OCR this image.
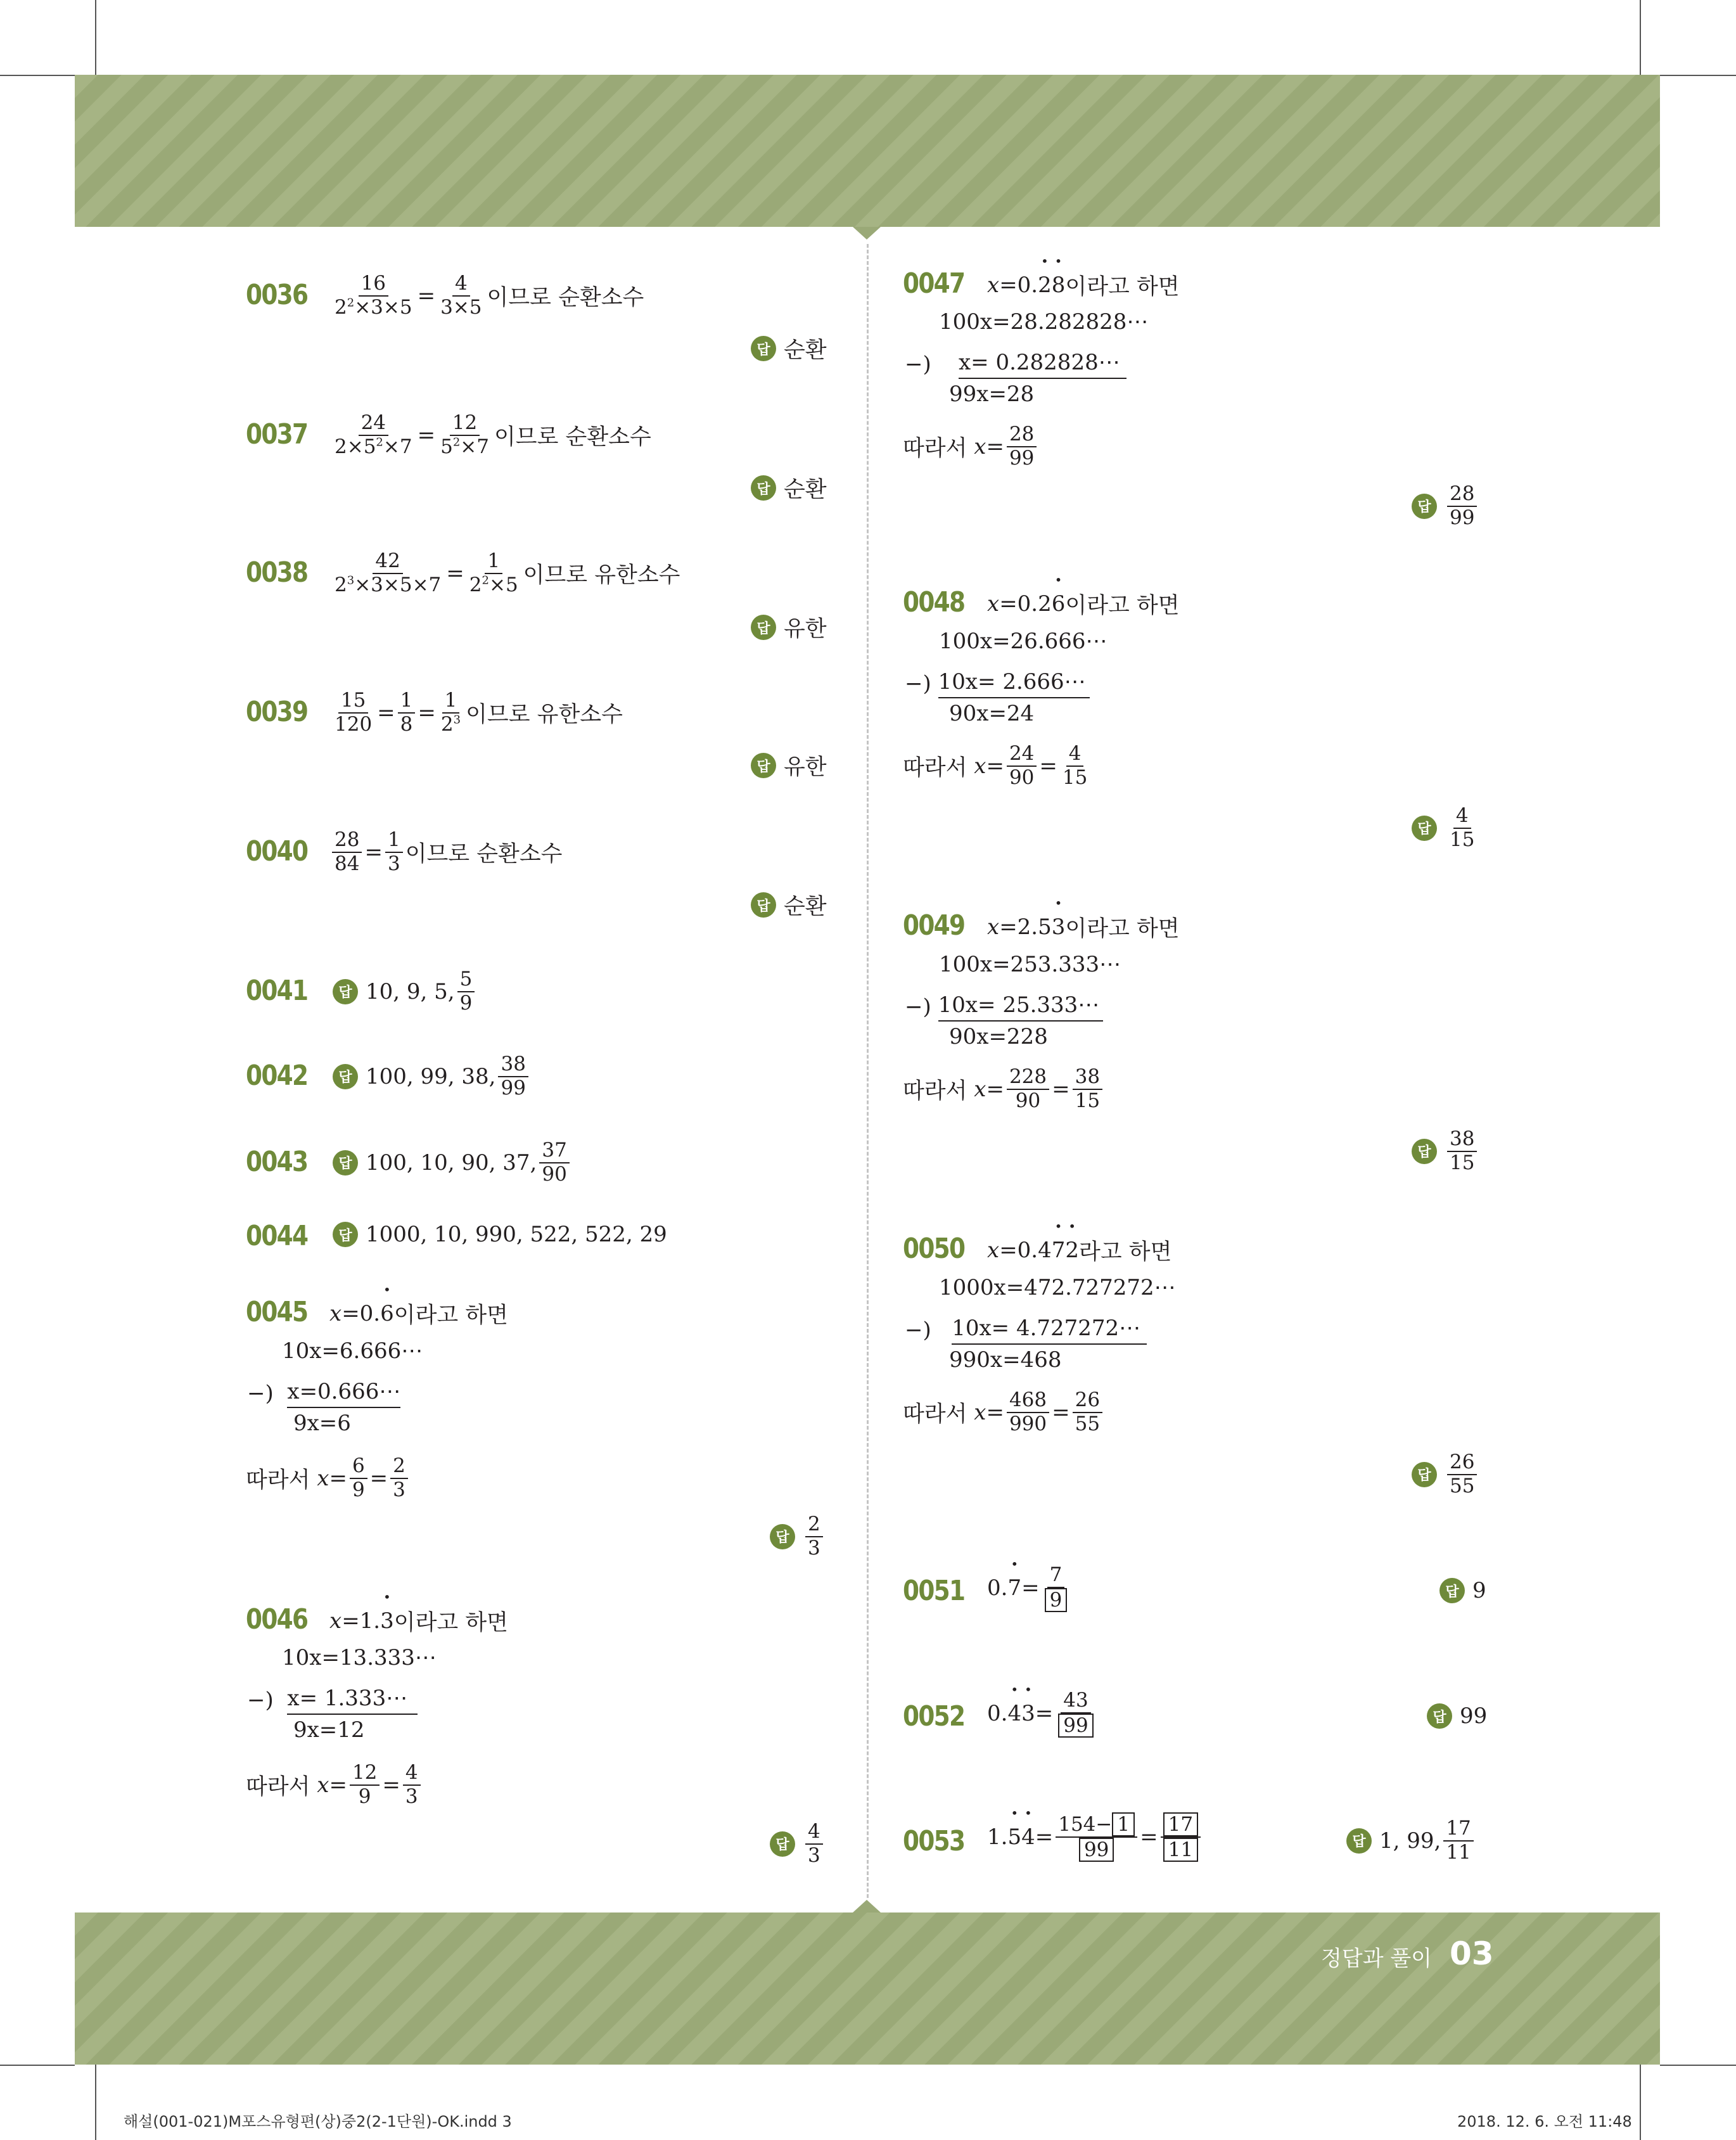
$0036 \frac{16}{2^2\times 3\times 5} = \frac{4}{3\times 5}$ 이므로 순환소수
답 순환
$0037 \frac{24}{2\times 5^2\times 7} = \frac{12}{5^2\times 7}$ 이므로 순환소수
답 순환
$0038 \frac{42}{2^3\times 3\times 5\times 7} = \frac{1}{2^2\times 5}$ 이므로 유한소수
답 유한
$0039 \frac{15}{120} = \frac{1}{8} = \frac{1}{2^3}$ 이므로 유한소수
답 유한
$0040 \frac{28}{84} = \frac{1}{3}$ 이므로 순환소수
답 순환
0041	답 10, 9, 5, $\frac{5}{9}$
0042	답 100, 99, 38, $\frac{38}{99}$
0043	답 100, 10, 90, 37, $\frac{37}{90}$
0044	답 1000, 10, 990, 522, 522, 29
0045 x =0. • 6 이라고 하면
10x=6.666⋯
−)
x=0.666⋯
9x=6
따라서
$x = \frac{6}{9} = \frac{2}{3}$
답 $\frac{2}{3}$
0046 x =1. • 3 이라고 하면
10x=13.333⋯
−)
x= 1.333⋯
9x=12
따라서
$x = \frac{12}{9} = \frac{4}{3}$
답 $\frac{4}{3}$
0047 x =0. • 2 • 8 이라고 하면
100x=28.282828⋯
−)
x= 0.282828⋯
99x=28
따라서
$x = \frac{28}{99}$
답 $\frac{28}{99}$
0048 x =0.2 • 6 이라고 하면
100x=26.666⋯
−)
10x= 2.666⋯
90x=24
따라서
$x = \frac{24}{90} = \frac{4}{15}$
답 $\frac{4}{15}$
0049 x =2.5 • 3 이라고 하면
100x=253.333⋯
−)
10x= 25.333⋯
90x=228
따라서
$x = \frac{228}{90} = \frac{38}{15}$
답 $\frac{38}{15}$
0050 x =0.4 • 7 • 2 라고 하면
1000x=472.727272⋯
−)
10x= 4.727272⋯
990x=468
따라서
$x = \frac{468}{990} = \frac{26}{55}$
답 $\frac{26}{55}$
0051 0. • $7 = \frac{7}{9}$	답 9
0052 0. • 4 • $3 = \frac{43}{99}$	답 99
0053 1. • 5 • $4 = \frac{154- 1}{99} = \frac{17}{11}$	답 1, 99, $\frac{17}{11}$
정답과 풀이 03
해설(001-021)M포스유형편(상)중2(2-1단원)-OK.indd 3	2018. 12. 6. 오전 11:48
